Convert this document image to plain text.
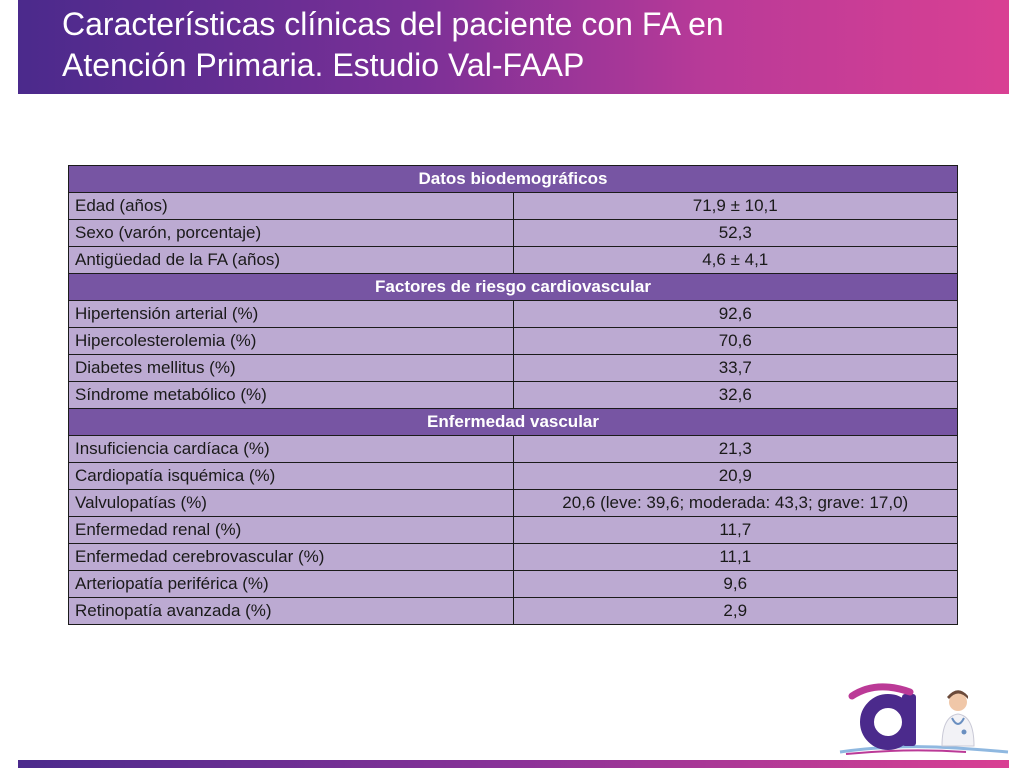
Características clínicas del paciente con FA en
Atención Primaria. Estudio Val-FAAP
Datos biodemográficos	
Edad (años)	71,9 ± 10,1
Sexo (varón, porcentaje)	52,3
Antigüedad de la FA (años)	4,6 ± 4,1
Factores de riesgo cardiovascular	
Hipertensión arterial (%)	92,6
Hipercolesterolemia (%)	70,6
Diabetes mellitus (%)	33,7
Síndrome metabólico (%)	32,6
Enfermedad vascular	
Insuficiencia cardíaca (%)	21,3
Cardiopatía isquémica (%)	20,9
Valvulopatías (%)	20,6 (leve: 39,6; moderada: 43,3; grave: 17,0)
Enfermedad renal (%)	11,7
Enfermedad cerebrovascular (%)	11,1
Arteriopatía periférica (%)	9,6
Retinopatía avanzada (%)	2,9
